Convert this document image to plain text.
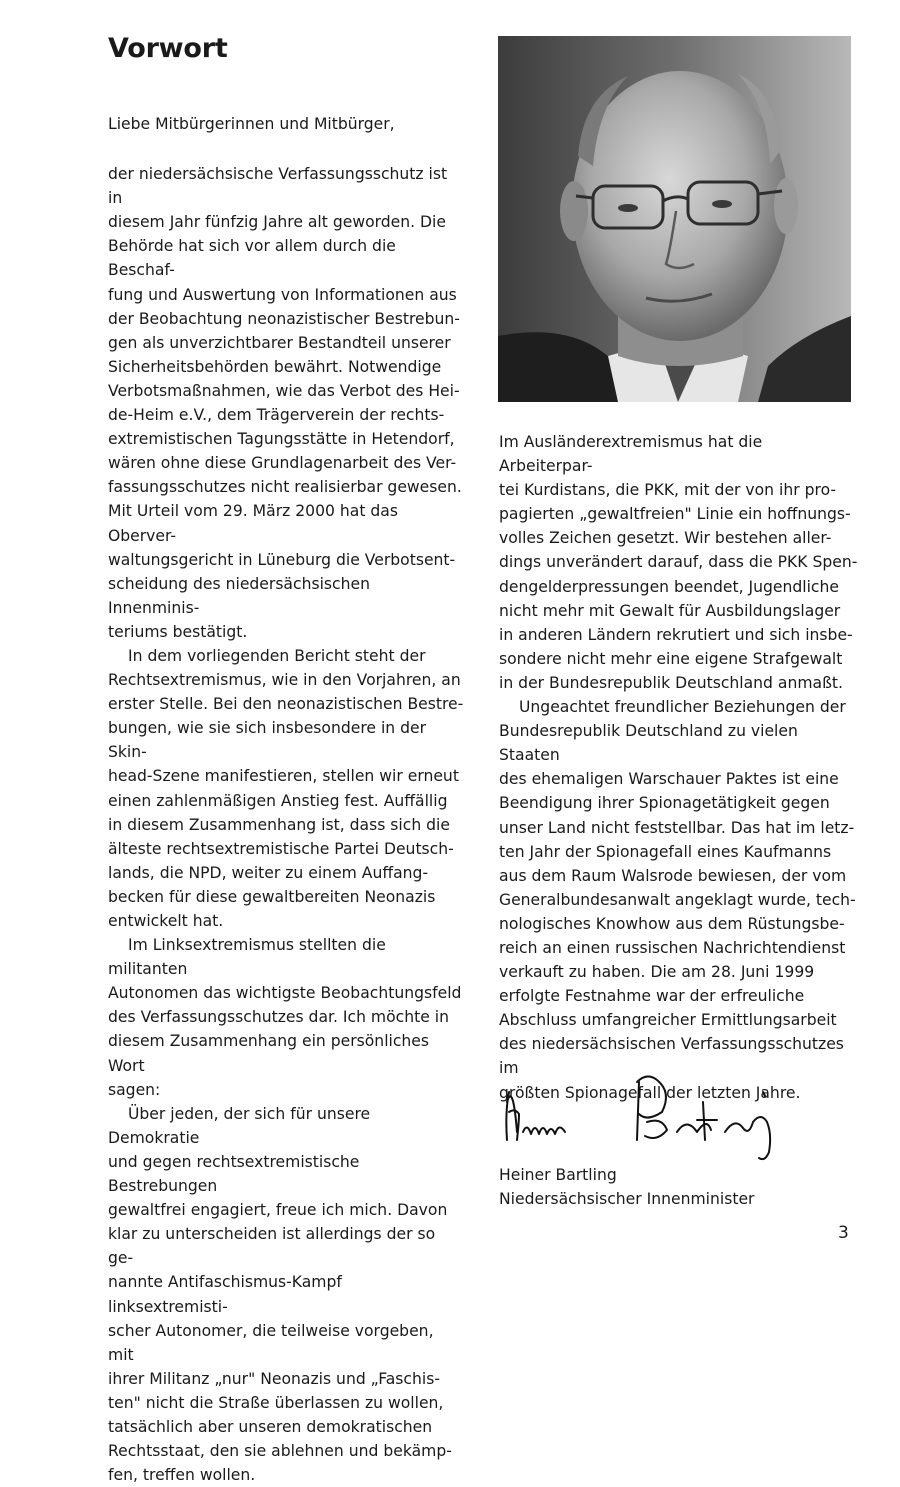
Vorwort

Liebe Mitbürgerinnen und Mitbürger,

der niedersächsische Verfassungsschutz ist in
diesem Jahr fünfzig Jahre alt geworden. Die
Behörde hat sich vor allem durch die Beschaf-
fung und Auswertung von Informationen aus
der Beobachtung neonazistischer Bestrebun-
gen als unverzichtbarer Bestandteil unserer
Sicherheitsbehörden bewährt. Notwendige
Verbotsmaßnahmen, wie das Verbot des Hei-
de-Heim e.V., dem Trägerverein der rechts-
extremistischen Tagungsstätte in Hetendorf,
wären ohne diese Grundlagenarbeit des Ver-
fassungsschutzes nicht realisierbar gewesen.
Mit Urteil vom 29. März 2000 hat das Oberver-
waltungsgericht in Lüneburg die Verbotsent-
scheidung des niedersächsischen Innenminis-
teriums bestätigt.

In dem vorliegenden Bericht steht der
Rechtsextremismus, wie in den Vorjahren, an
erster Stelle. Bei den neonazistischen Bestre-
bungen, wie sie sich insbesondere in der Skin-
head-Szene manifestieren, stellen wir erneut
einen zahlenmäßigen Anstieg fest. Auffällig
in diesem Zusammenhang ist, dass sich die
älteste rechtsextremistische Partei Deutsch-
lands, die NPD, weiter zu einem Auffang-
becken für diese gewaltbereiten Neonazis
entwickelt hat.

Im Linksextremismus stellten die militanten
Autonomen das wichtigste Beobachtungsfeld
des Verfassungsschutzes dar. Ich möchte in
diesem Zusammenhang ein persönliches Wort
sagen:

Über jeden, der sich für unsere Demokratie
und gegen rechtsextremistische Bestrebungen
gewaltfrei engagiert, freue ich mich. Davon
klar zu unterscheiden ist allerdings der so ge-
nannte Antifaschismus-Kampf linksextremisti-
scher Autonomer, die teilweise vorgeben, mit
ihrer Militanz „nur" Neonazis und „Faschis-
ten" nicht die Straße überlassen zu wollen,
tatsächlich aber unseren demokratischen
Rechtsstaat, den sie ablehnen und bekämp-
fen, treffen wollen.

Im Ausländerextremismus hat die Arbeiterpar-
tei Kurdistans, die PKK, mit der von ihr pro-
pagierten „gewaltfreien" Linie ein hoffnungs-
volles Zeichen gesetzt. Wir bestehen aller-
dings unverändert darauf, dass die PKK Spen-
dengelderpressungen beendet, Jugendliche
nicht mehr mit Gewalt für Ausbildungslager
in anderen Ländern rekrutiert und sich insbe-
sondere nicht mehr eine eigene Strafgewalt
in der Bundesrepublik Deutschland anmaßt.

Ungeachtet freundlicher Beziehungen der
Bundesrepublik Deutschland zu vielen Staaten
des ehemaligen Warschauer Paktes ist eine
Beendigung ihrer Spionagetätigkeit gegen
unser Land nicht feststellbar. Das hat im letz-
ten Jahr der Spionagefall eines Kaufmanns
aus dem Raum Walsrode bewiesen, der vom
Generalbundesanwalt angeklagt wurde, tech-
nologisches Knowhow aus dem Rüstungsbe-
reich an einen russischen Nachrichtendienst
verkauft zu haben. Die am 28. Juni 1999
erfolgte Festnahme war der erfreuliche
Abschluss umfangreicher Ermittlungsarbeit
des niedersächsischen Verfassungsschutzes im
größten Spionagefall der letzten Jahre.

Heiner Bartling
Niedersächsischer Innenminister
3
